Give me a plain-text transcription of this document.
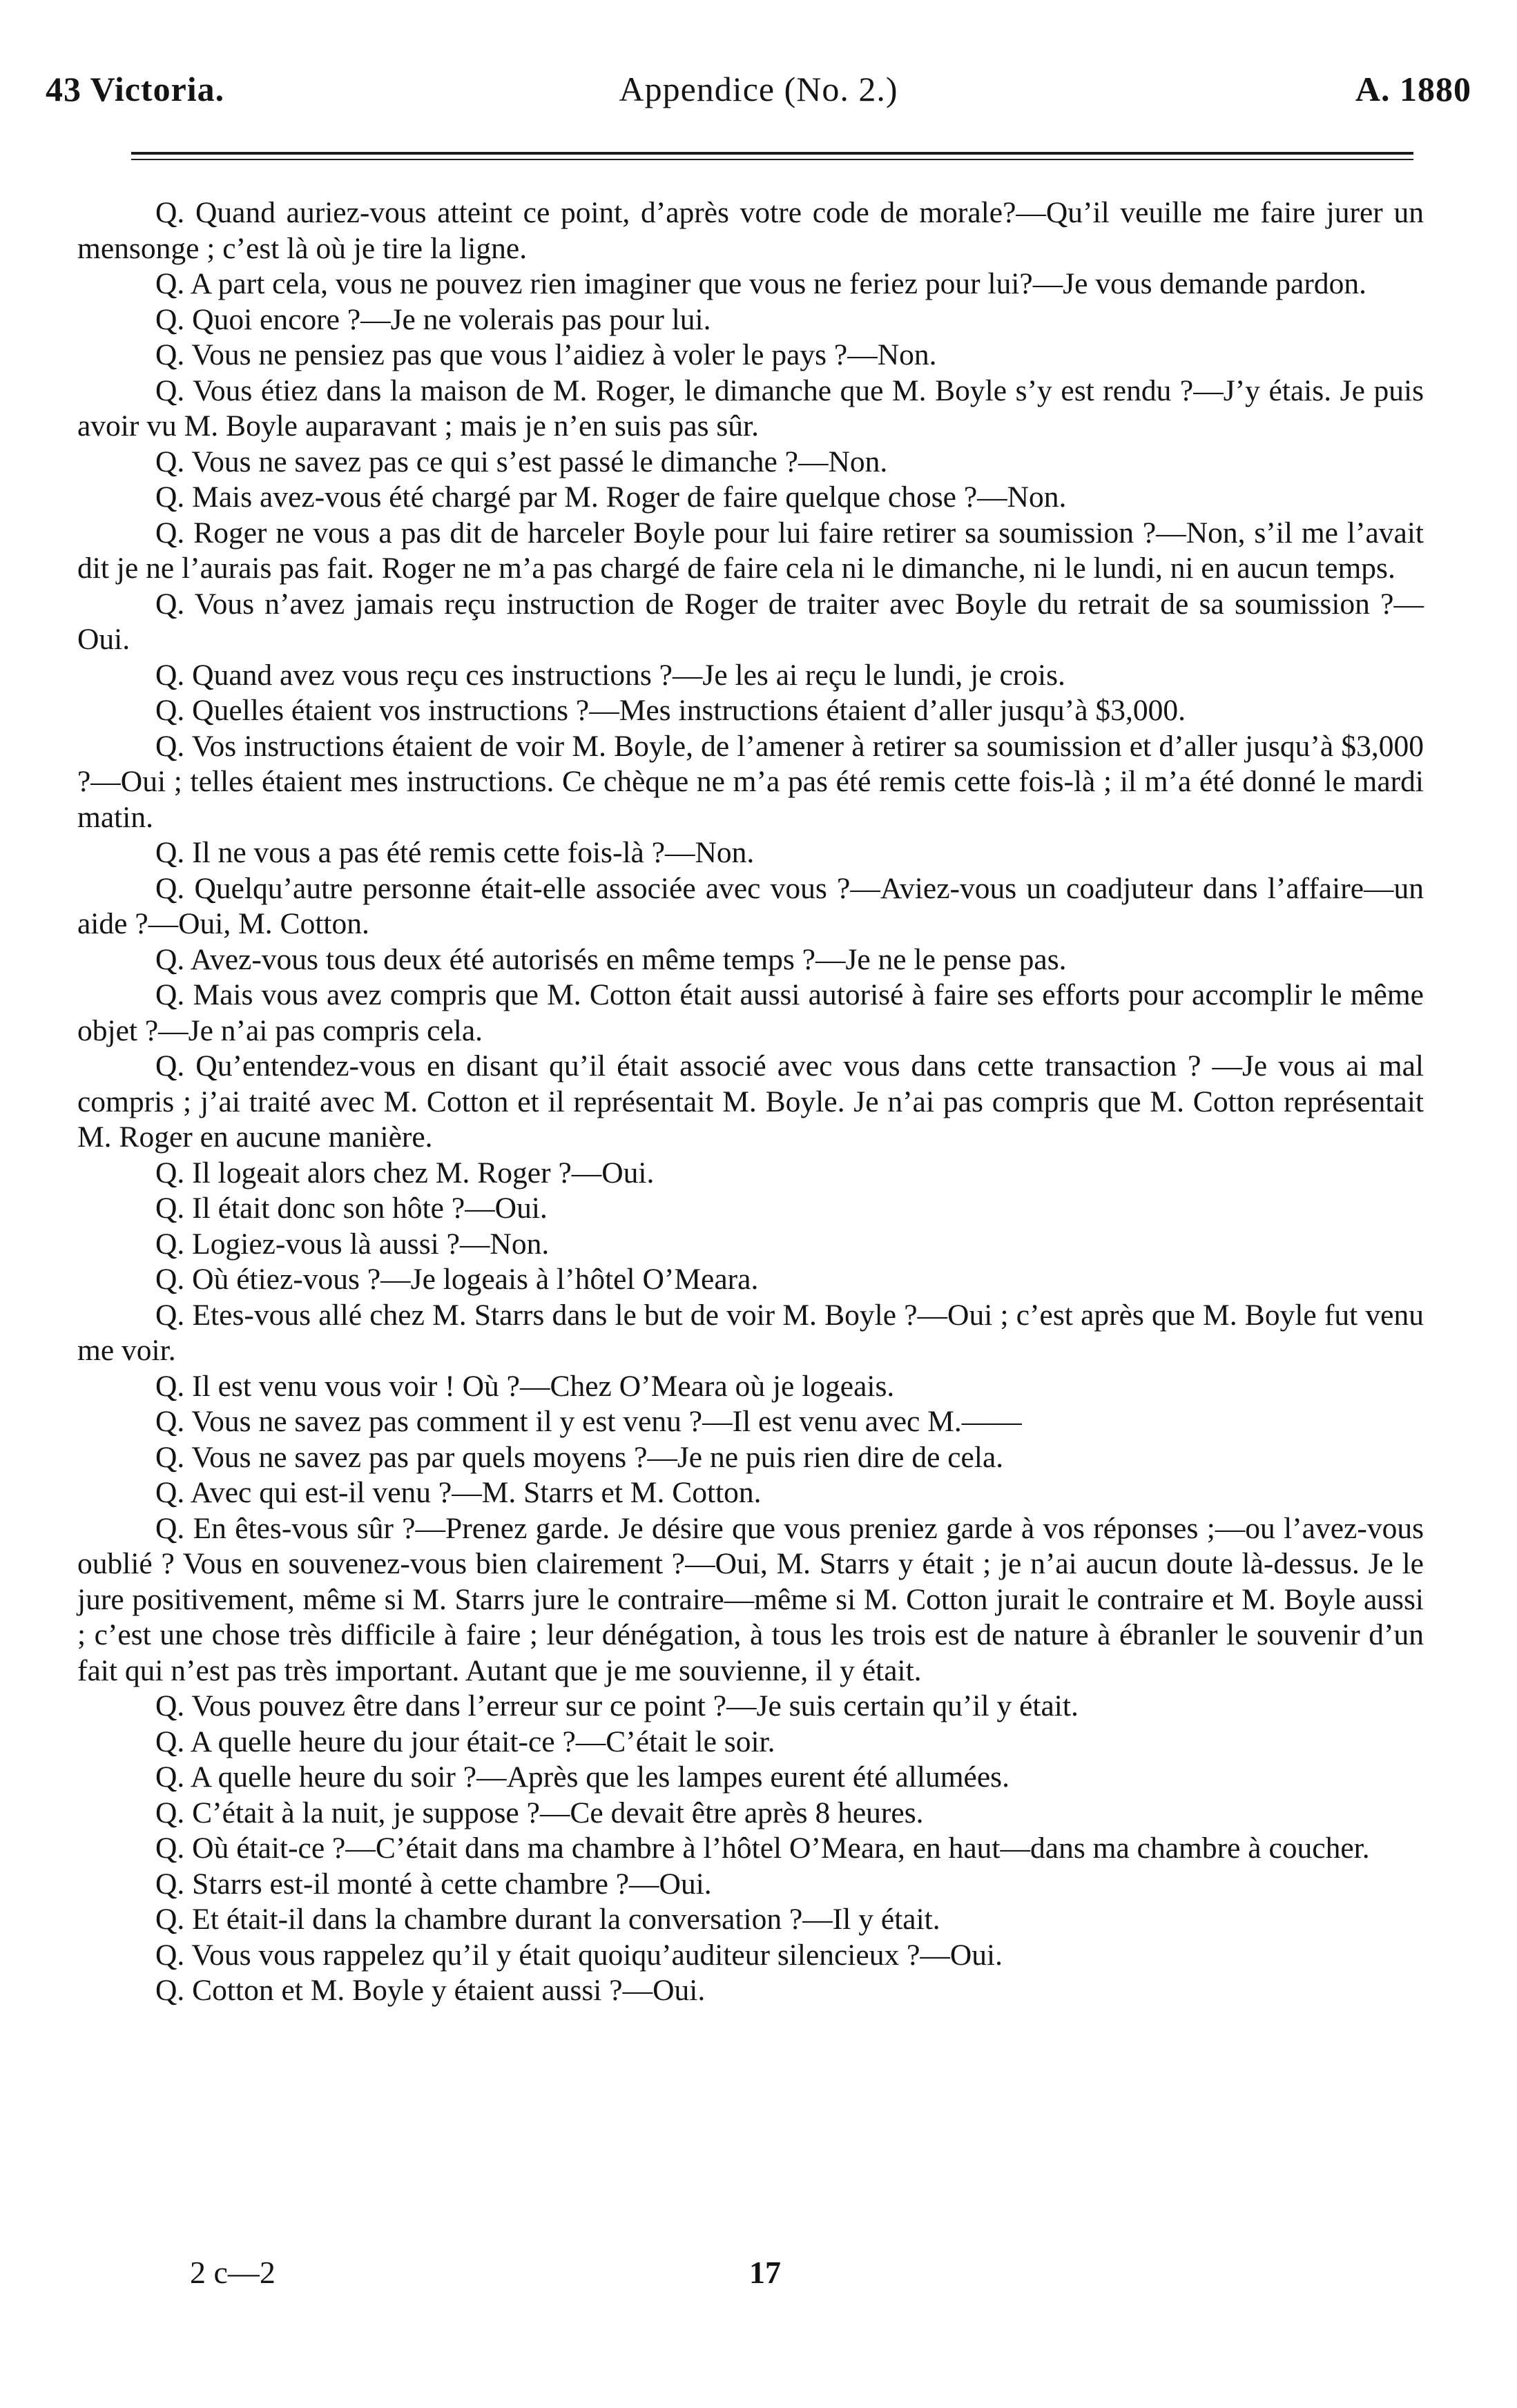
43 Victoria.	Appendice (No. 2.)	A. 1880

Q. Quand auriez-vous atteint ce point, d’après votre code de morale?—Qu’il veuille me faire jurer un mensonge ; c’est là où je tire la ligne.

Q. A part cela, vous ne pouvez rien imaginer que vous ne feriez pour lui?—Je vous demande pardon.

Q. Quoi encore ?—Je ne volerais pas pour lui.

Q. Vous ne pensiez pas que vous l’aidiez à voler le pays ?—Non.

Q. Vous étiez dans la maison de M. Roger, le dimanche que M. Boyle s’y est rendu ?—J’y étais. Je puis avoir vu M. Boyle auparavant ; mais je n’en suis pas sûr.

Q. Vous ne savez pas ce qui s’est passé le dimanche ?—Non.

Q. Mais avez-vous été chargé par M. Roger de faire quelque chose ?—Non.

Q. Roger ne vous a pas dit de harceler Boyle pour lui faire retirer sa soumission ?—Non, s’il me l’avait dit je ne l’aurais pas fait. Roger ne m’a pas chargé de faire cela ni le dimanche, ni le lundi, ni en aucun temps.

Q. Vous n’avez jamais reçu instruction de Roger de traiter avec Boyle du retrait de sa soumission ?—Oui.

Q. Quand avez vous reçu ces instructions ?—Je les ai reçu le lundi, je crois.

Q. Quelles étaient vos instructions ?—Mes instructions étaient d’aller jusqu’à $3,000.

Q. Vos instructions étaient de voir M. Boyle, de l’amener à retirer sa soumission et d’aller jusqu’à $3,000 ?—Oui ; telles étaient mes instructions. Ce chèque ne m’a pas été remis cette fois-là ; il m’a été donné le mardi matin.

Q. Il ne vous a pas été remis cette fois-là ?—Non.

Q. Quelqu’autre personne était-elle associée avec vous ?—Aviez-vous un coadjuteur dans l’affaire—un aide ?—Oui, M. Cotton.

Q. Avez-vous tous deux été autorisés en même temps ?—Je ne le pense pas.

Q. Mais vous avez compris que M. Cotton était aussi autorisé à faire ses efforts pour accomplir le même objet ?—Je n’ai pas compris cela.

Q. Qu’entendez-vous en disant qu’il était associé avec vous dans cette transaction ? —Je vous ai mal compris ; j’ai traité avec M. Cotton et il représentait M. Boyle. Je n’ai pas compris que M. Cotton représentait M. Roger en aucune manière.

Q. Il logeait alors chez M. Roger ?—Oui.

Q. Il était donc son hôte ?—Oui.

Q. Logiez-vous là aussi ?—Non.

Q. Où étiez-vous ?—Je logeais à l’hôtel O’Meara.

Q. Etes-vous allé chez M. Starrs dans le but de voir M. Boyle ?—Oui ; c’est après que M. Boyle fut venu me voir.

Q. Il est venu vous voir ! Où ?—Chez O’Meara où je logeais.

Q. Vous ne savez pas comment il y est venu ?—Il est venu avec M.——

Q. Vous ne savez pas par quels moyens ?—Je ne puis rien dire de cela.

Q. Avec qui est-il venu ?—M. Starrs et M. Cotton.

Q. En êtes-vous sûr ?—Prenez garde. Je désire que vous preniez garde à vos réponses ;—ou l’avez-vous oublié ? Vous en souvenez-vous bien clairement ?—Oui, M. Starrs y était ; je n’ai aucun doute là-dessus. Je le jure positivement, même si M. Starrs jure le contraire—même si M. Cotton jurait le contraire et M. Boyle aussi ; c’est une chose très difficile à faire ; leur dénégation, à tous les trois est de nature à ébranler le souvenir d’un fait qui n’est pas très important. Autant que je me souvienne, il y était.

Q. Vous pouvez être dans l’erreur sur ce point ?—Je suis certain qu’il y était.

Q. A quelle heure du jour était-ce ?—C’était le soir.

Q. A quelle heure du soir ?—Après que les lampes eurent été allumées.

Q. C’était à la nuit, je suppose ?—Ce devait être après 8 heures.

Q. Où était-ce ?—C’était dans ma chambre à l’hôtel O’Meara, en haut—dans ma chambre à coucher.

Q. Starrs est-il monté à cette chambre ?—Oui.

Q. Et était-il dans la chambre durant la conversation ?—Il y était.

Q. Vous vous rappelez qu’il y était quoiqu’auditeur silencieux ?—Oui.

Q. Cotton et M. Boyle y étaient aussi ?—Oui.

2 c—2	17
